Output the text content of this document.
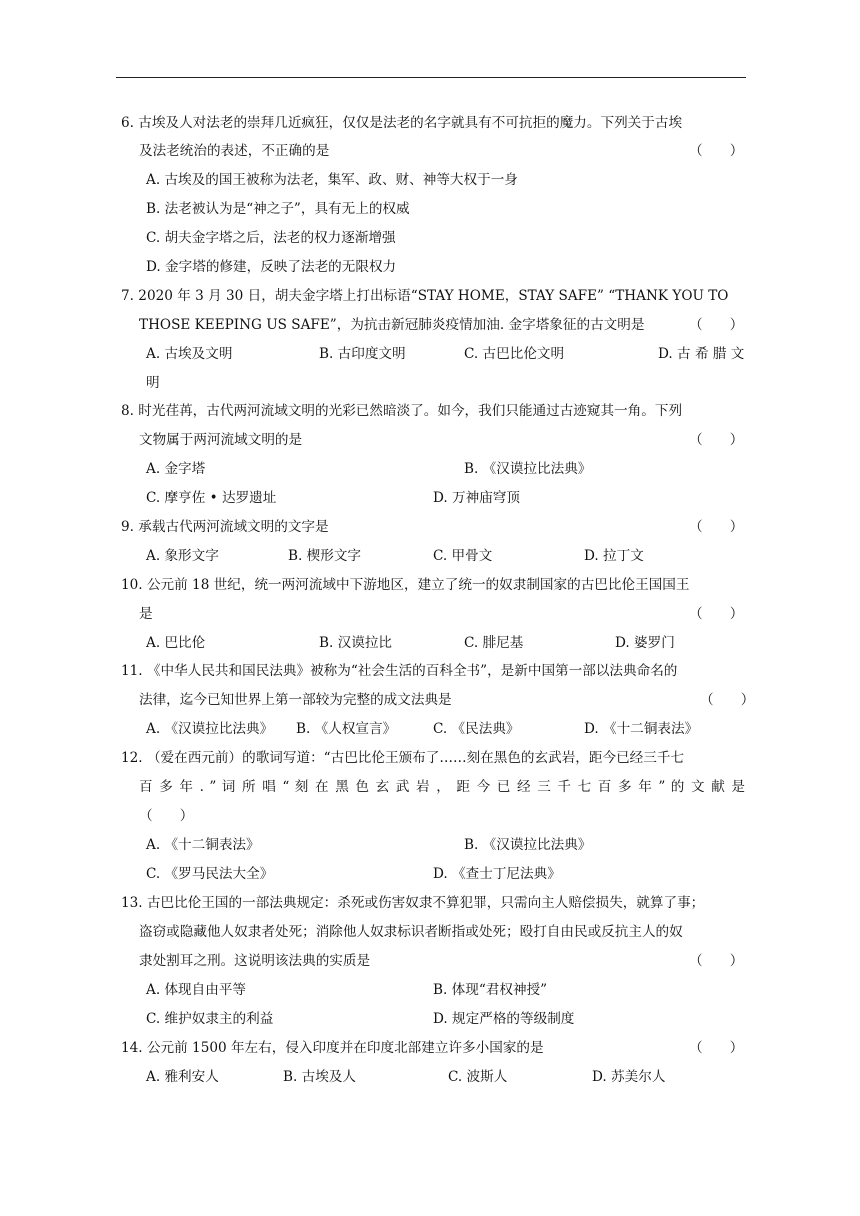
6. 古埃及人对法老的崇拜几近疯狂，仅仅是法老的名字就具有不可抗拒的魔力。下列关于古埃
及法老统治的表述，不正确的是	（　　）
A. 古埃及的国王被称为法老，集军、政、财、神等大权于一身
B. 法老被认为是“神之子”，具有无上的权威
C. 胡夫金字塔之后，法老的权力逐渐增强
D. 金字塔的修建，反映了法老的无限权力
7. 2020 年 3 月 30 日，胡夫金字塔上打出标语“STAY HOME，STAY SAFE” “THANK YOU TO
THOSE KEEPING US SAFE”，为抗击新冠肺炎疫情加油. 金字塔象征的古文明是	（　　）
A. 古埃及文明	B. 古印度文明	C. 古巴比伦文明	D. 古 希 腊 文
明
8. 时光荏苒，古代两河流域文明的光彩已然暗淡了。如今，我们只能通过古迹窥其一角。下列
文物属于两河流域文明的是	（　　）
A. 金字塔	B. 《汉谟拉比法典》
C. 摩亨佐 • 达罗遗址	D. 万神庙穹顶
9. 承载古代两河流域文明的文字是	（　　）
A. 象形文字	B. 楔形文字	C. 甲骨文	D. 拉丁文
10. 公元前 18 世纪，统一两河流域中下游地区，建立了统一的奴隶制国家的古巴比伦王国国王
是	（　　）
A. 巴比伦	B. 汉谟拉比	C. 腓尼基	D. 婆罗门
11. 《中华人民共和国民法典》被称为“社会生活的百科全书”，是新中国第一部以法典命名的
法律，迄今已知世界上第一部较为完整的成文法典是	（　　）
A. 《汉谟拉比法典》 B. 《人权宣言》	C. 《民法典》	D. 《十二铜表法》
12. （爱在西元前）的歌词写道：“古巴比伦王颁布了……刻在黑色的玄武岩，距今已经三千七
百 多 年 . ” 词 所 唱 “ 刻 在 黑 色 玄 武 岩 ， 距 今 已 经 三 千 七 百 多 年 ” 的 文 献 是
（　　）
A. 《十二铜表法》	B. 《汉谟拉比法典》
C. 《罗马民法大全》	D. 《查士丁尼法典》
13. 古巴比伦王国的一部法典规定：杀死或伤害奴隶不算犯罪，只需向主人赔偿损失，就算了事；
盗窃或隐藏他人奴隶者处死；消除他人奴隶标识者断指或处死；殴打自由民或反抗主人的奴
隶处割耳之刑。这说明该法典的实质是	（　　）
A. 体现自由平等	B. 体现“君权神授”
C. 维护奴隶主的利益	D. 规定严格的等级制度
14. 公元前 1500 年左右，侵入印度并在印度北部建立许多小国家的是	（　　）
A. 雅利安人	B. 古埃及人	C. 波斯人	D. 苏美尔人
